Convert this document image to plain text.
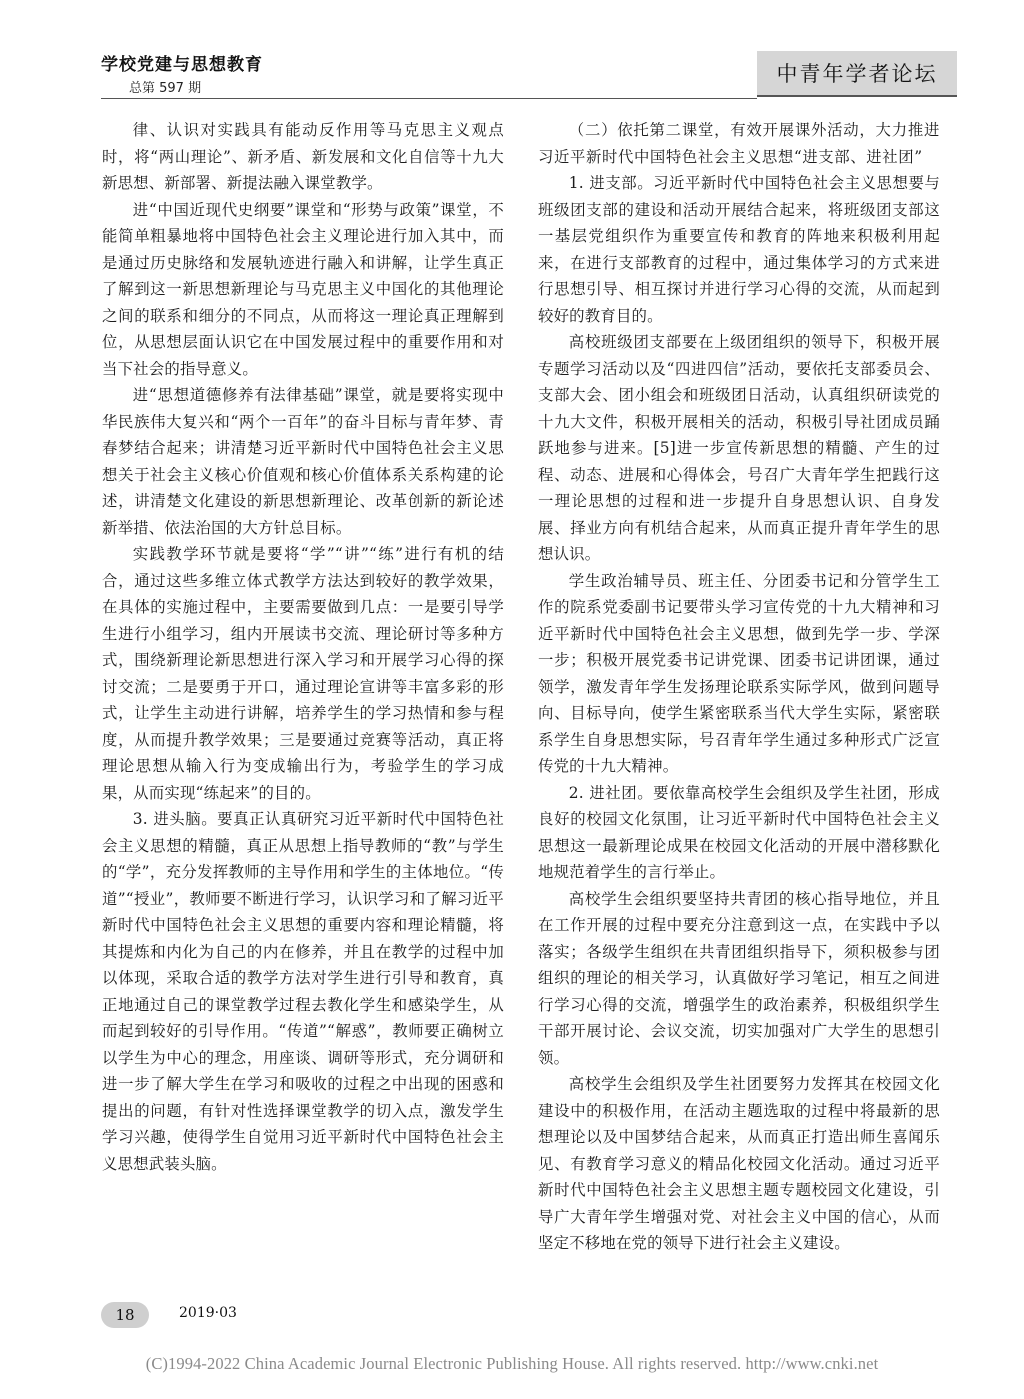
学校党建与思想教育
总第 597 期
中青年学者论坛

律、认识对实践具有能动反作用等马克思主义观点时，将“两山理论”、新矛盾、新发展和文化自信等十九大新思想、新部署、新提法融入课堂教学。

进“中国近现代史纲要”课堂和“形势与政策”课堂，不能简单粗暴地将中国特色社会主义理论进行加入其中，而是通过历史脉络和发展轨迹进行融入和讲解，让学生真正了解到这一新思想新理论与马克思主义中国化的其他理论之间的联系和细分的不同点，从而将这一理论真正理解到位，从思想层面认识它在中国发展过程中的重要作用和对当下社会的指导意义。

进“思想道德修养有法律基础”课堂，就是要将实现中华民族伟大复兴和“两个一百年”的奋斗目标与青年梦、青春梦结合起来；讲清楚习近平新时代中国特色社会主义思想关于社会主义核心价值观和核心价值体系关系构建的论述，讲清楚文化建设的新思想新理论、改革创新的新论述新举措、依法治国的大方针总目标。

实践教学环节就是要将“学”“讲”“练”进行有机的结合，通过这些多维立体式教学方法达到较好的教学效果，在具体的实施过程中，主要需要做到几点：一是要引导学生进行小组学习，组内开展读书交流、理论研讨等多种方式，围绕新理论新思想进行深入学习和开展学习心得的探讨交流；二是要勇于开口，通过理论宣讲等丰富多彩的形式，让学生主动进行讲解，培养学生的学习热情和参与程度，从而提升教学效果；三是要通过竞赛等活动，真正将理论思想从输入行为变成输出行为，考验学生的学习成果，从而实现“练起来”的目的。

3. 进头脑。要真正认真研究习近平新时代中国特色社会主义思想的精髓，真正从思想上指导教师的“教”与学生的“学”，充分发挥教师的主导作用和学生的主体地位。“传道”“授业”，教师要不断进行学习，认识学习和了解习近平新时代中国特色社会主义思想的重要内容和理论精髓，将其提炼和内化为自己的内在修养，并且在教学的过程中加以体现，采取合适的教学方法对学生进行引导和教育，真正地通过自己的课堂教学过程去教化学生和感染学生，从而起到较好的引导作用。“传道”“解惑”，教师要正确树立以学生为中心的理念，用座谈、调研等形式，充分调研和进一步了解大学生在学习和吸收的过程之中出现的困惑和提出的问题，有针对性选择课堂教学的切入点，激发学生学习兴趣，使得学生自觉用习近平新时代中国特色社会主义思想武装头脑。

（二）依托第二课堂，有效开展课外活动，大力推进习近平新时代中国特色社会主义思想“进支部、进社团”

1. 进支部。习近平新时代中国特色社会主义思想要与班级团支部的建设和活动开展结合起来，将班级团支部这一基层党组织作为重要宣传和教育的阵地来积极利用起来，在进行支部教育的过程中，通过集体学习的方式来进行思想引导、相互探讨并进行学习心得的交流，从而起到较好的教育目的。

高校班级团支部要在上级团组织的领导下，积极开展专题学习活动以及“四进四信”活动，要依托支部委员会、支部大会、团小组会和班级团日活动，认真组织研读党的十九大文件，积极开展相关的活动，积极引导社团成员踊跃地参与进来。[5]进一步宣传新思想的精髓、产生的过程、动态、进展和心得体会，号召广大青年学生把践行这一理论思想的过程和进一步提升自身思想认识、自身发展、择业方向有机结合起来，从而真正提升青年学生的思想认识。

学生政治辅导员、班主任、分团委书记和分管学生工作的院系党委副书记要带头学习宣传党的十九大精神和习近平新时代中国特色社会主义思想，做到先学一步、学深一步；积极开展党委书记讲党课、团委书记讲团课，通过领学，激发青年学生发扬理论联系实际学风，做到问题导向、目标导向，使学生紧密联系当代大学生实际，紧密联系学生自身思想实际，号召青年学生通过多种形式广泛宣传党的十九大精神。

2. 进社团。要依靠高校学生会组织及学生社团，形成良好的校园文化氛围，让习近平新时代中国特色社会主义思想这一最新理论成果在校园文化活动的开展中潜移默化地规范着学生的言行举止。

高校学生会组织要坚持共青团的核心指导地位，并且在工作开展的过程中要充分注意到这一点，在实践中予以落实；各级学生组织在共青团组织指导下，须积极参与团组织的理论的相关学习，认真做好学习笔记，相互之间进行学习心得的交流，增强学生的政治素养，积极组织学生干部开展讨论、会议交流，切实加强对广大学生的思想引领。

高校学生会组织及学生社团要努力发挥其在校园文化建设中的积极作用，在活动主题选取的过程中将最新的思想理论以及中国梦结合起来，从而真正打造出师生喜闻乐见、有教育学习意义的精品化校园文化活动。通过习近平新时代中国特色社会主义思想主题专题校园文化建设，引导广大青年学生增强对党、对社会主义中国的信心，从而坚定不移地在党的领导下进行社会主义建设。

18	2019·03
(C)1994-2022 China Academic Journal Electronic Publishing House. All rights reserved. http://www.cnki.net
